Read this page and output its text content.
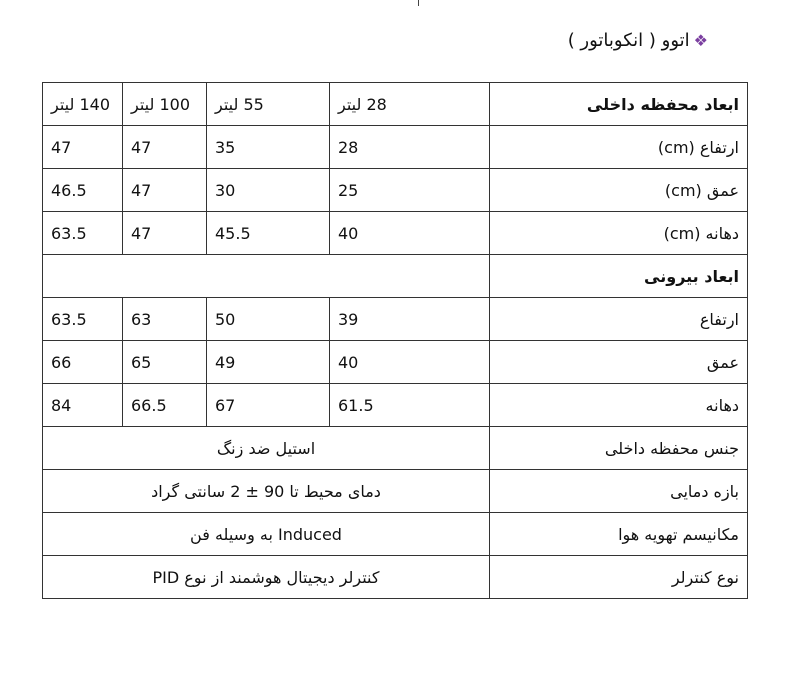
❖
اتوو ( انکوباتور )
ابعاد محفظه داخلی	28 لیتر	55 لیتر	100 لیتر	140 لیتر	
ارتفاع (cm)	28	35	47	47	
عمق (cm)	25	30	47	46.5	
دهانه (cm)	40	45.5	47	63.5	
ابعاد بیرونی					
ارتفاع	39	50	63	63.5	
عمق	40	49	65	66	
دهانه	61.5	67	66.5	84	
جنس محفظه داخلی	استیل ضد زنگ				
بازه دمایی	دمای محیط تا 90 ± 2 سانتی گراد				
مکانیسم تهویه هوا	Induced به وسیله فن				
نوع کنترلر	کنترلر دیجیتال هوشمند از نوع PID				
